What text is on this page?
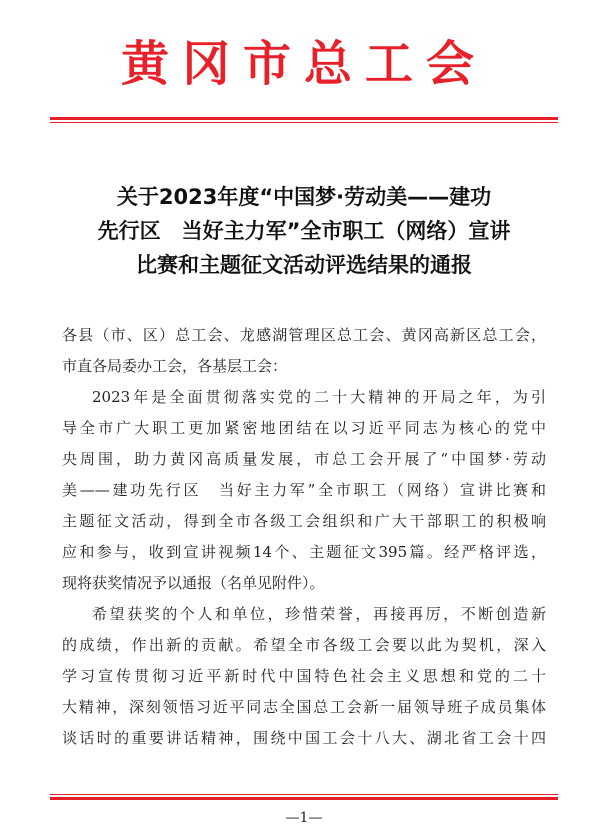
黄冈市总工会
关于2023年度“中国梦·劳动美——建功
先行区　当好主力军”全市职工（网络）宣讲
比赛和主题征文活动评选结果的通报

各县（市、区）总工会、龙感湖管理区总工会、黄冈高新区总工会，

市直各局委办工会，各基层工会：

2023年是全面贯彻落实党的二十大精神的开局之年，为引

导全市广大职工更加紧密地团结在以习近平同志为核心的党中

央周围，助力黄冈高质量发展，市总工会开展了“中国梦·劳动

美——建功先行区　当好主力军”全市职工（网络）宣讲比赛和

主题征文活动，得到全市各级工会组织和广大干部职工的积极响

应和参与，收到宣讲视频14个、主题征文395篇。经严格评选，

现将获奖情况予以通报（名单见附件）。

希望获奖的个人和单位，珍惜荣誉，再接再厉，不断创造新

的成绩，作出新的贡献。希望全市各级工会要以此为契机，深入

学习宣传贯彻习近平新时代中国特色社会主义思想和党的二十

大精神，深刻领悟习近平同志全国总工会新一届领导班子成员集体

谈话时的重要讲话精神，围绕中国工会十八大、湖北省工会十四

—1—
